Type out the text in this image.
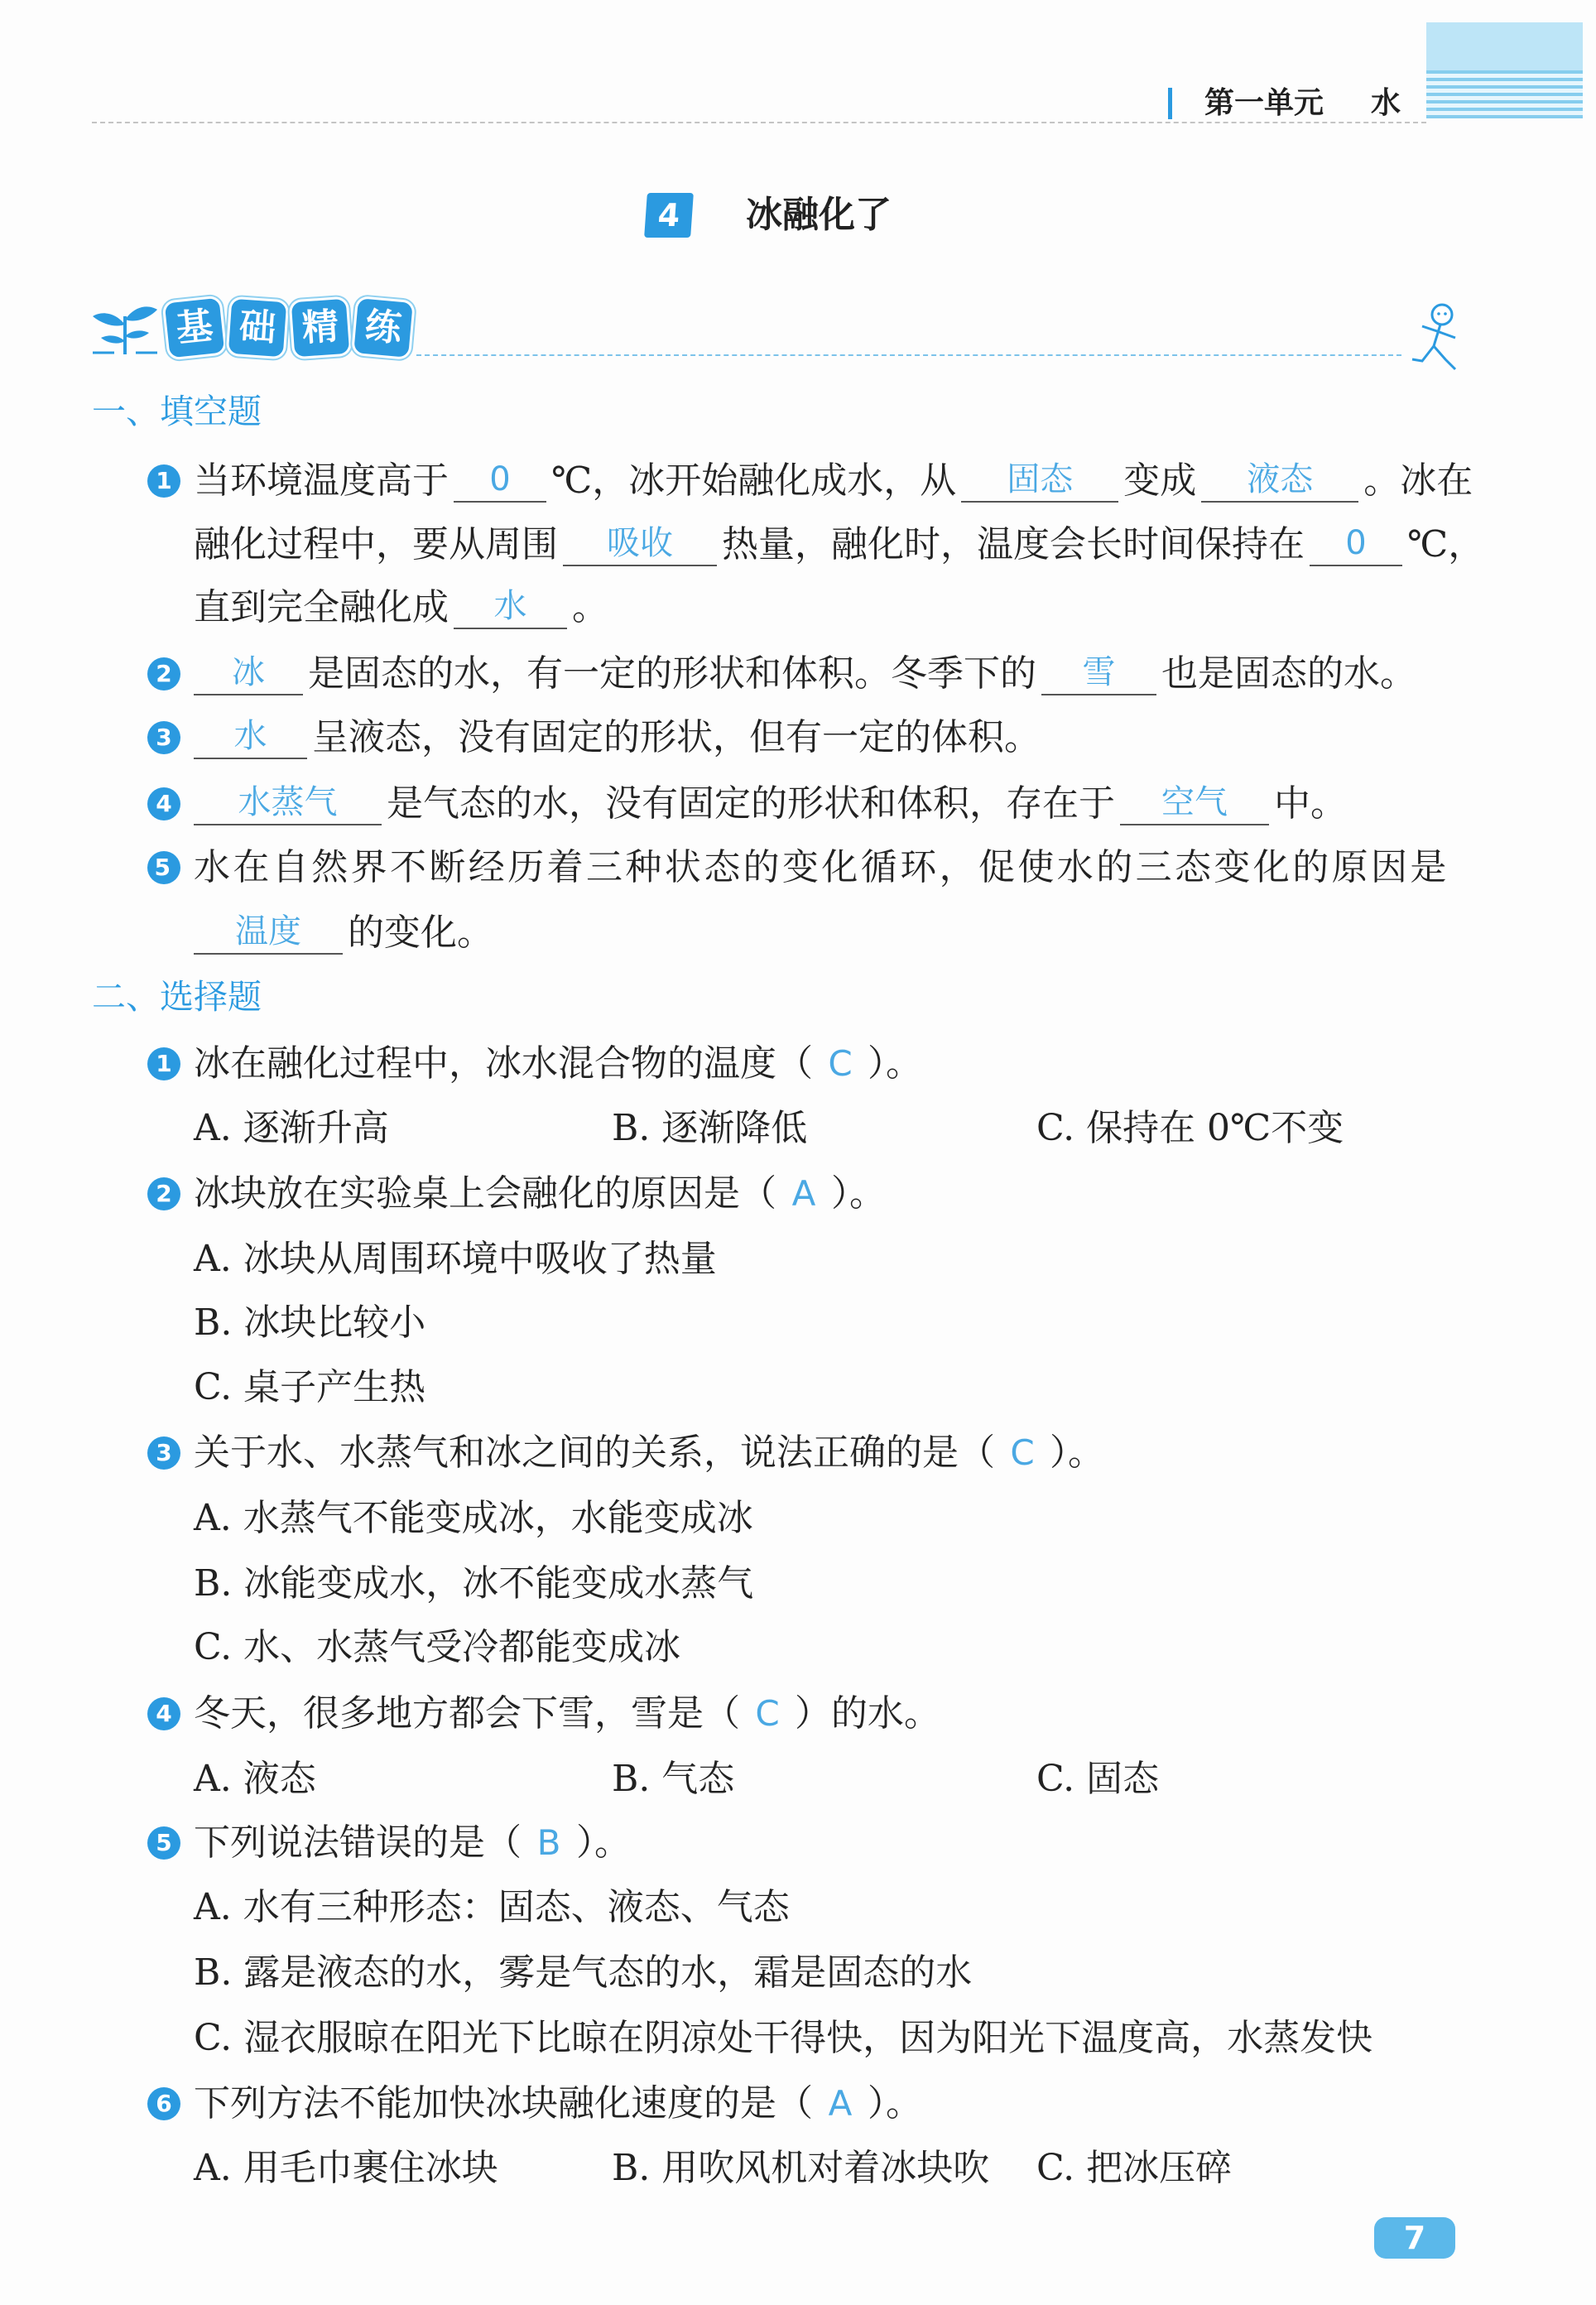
第一单元 水
4	冰融化了
基 础 精 练
一、填空题
1 当环境温度高于	0	℃，冰开始融化成水，从	固态	变成	液态	。冰在
融化过程中，要从周围	吸收	热量，融化时，温度会长时间保持在	0	℃，
直到完全融化成	水	。
2	冰	是固态的水，有一定的形状和体积。冬季下的	雪	也是固态的水。
3	水	呈液态，没有固定的形状，但有一定的体积。
4	水蒸气	是气态的水，没有固定的形状和体积，存在于	空气	中。
5 水在自然界不断经历着三种状态的变化循环，促使水的三态变化的原因是
温度	的变化。
二、选择题
1 冰在融化过程中，冰水混合物的温度（ C ）。
A. 逐渐升高	B. 逐渐降低	C. 保持在 0℃不变
2 冰块放在实验桌上会融化的原因是（ A ）。
A. 冰块从周围环境中吸收了热量
B. 冰块比较小
C. 桌子产生热
3 关于水、水蒸气和冰之间的关系，说法正确的是（ C ）。
A. 水蒸气不能变成冰，水能变成冰
B. 冰能变成水，冰不能变成水蒸气
C. 水、水蒸气受冷都能变成冰
4 冬天，很多地方都会下雪，雪是（ C ）的水。
A. 液态	B. 气态	C. 固态
5 下列说法错误的是（ B ）。
A. 水有三种形态：固态、液态、气态
B. 露是液态的水，雾是气态的水，霜是固态的水
C. 湿衣服晾在阳光下比晾在阴凉处干得快，因为阳光下温度高，水蒸发快
6 下列方法不能加快冰块融化速度的是（ A ）。
A. 用毛巾裹住冰块	B. 用吹风机对着冰块吹 C. 把冰压碎
7
